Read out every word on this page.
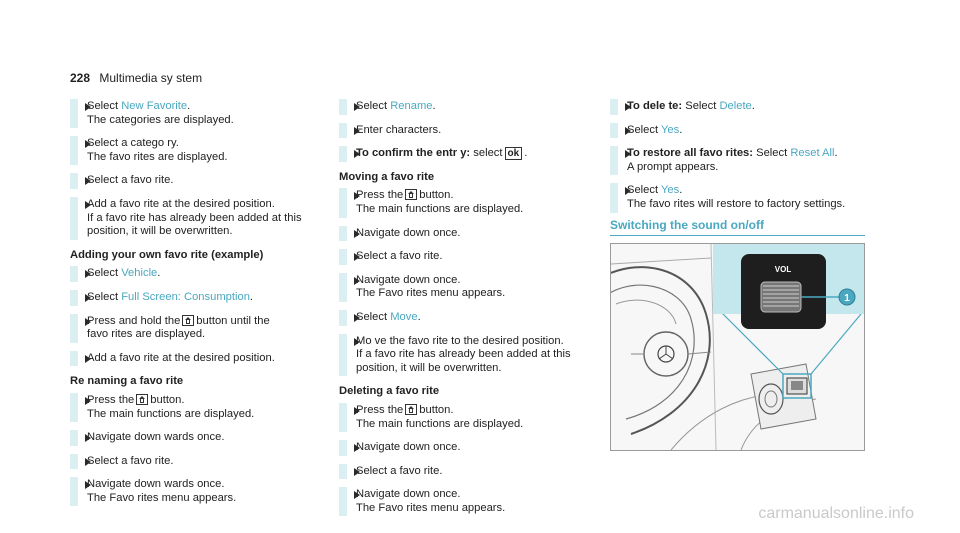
228 Multimedia sy stem
Select New Favorite.
The categories are displayed.
Select a catego ry.
The favo rites are displayed.
Select a favo rite.
Add a favo rite at the desired position.
If a favo rite has already been added at this
position, it will be overwritten.
Adding your own favo rite (example)
Select Vehicle.
Select Full Screen: Consumption.
Press and hold the button until the
favo rites are displayed.
Add a favo rite at the desired position.
Re naming a favo rite
Press the button.
The main functions are displayed.
Navigate down wards once.
Select a favo rite.
Navigate down wards once.
The Favo rites menu appears.
Select Rename.
Enter characters.
To confirm the entr y: select ok .
Moving a favo rite
Press the button.
The main functions are displayed.
Navigate down once.
Select a favo rite.
Navigate down once.
The Favo rites menu appears.
Select Move.
Mo ve the favo rite to the desired position.
If a favo rite has already been added at this
position, it will be overwritten.
Deleting a favo rite
Press the button.
The main functions are displayed.
Navigate down once.
Select a favo rite.
Navigate down once.
The Favo rites menu appears.
To dele te: Select Delete.
Select Yes.
To restore all favo rites: Select Reset All.
A prompt appears.
Select Yes.
The favo rites will restore to factory settings.
Switching the sound on/off
VOL
1
carmanualsonline.info
